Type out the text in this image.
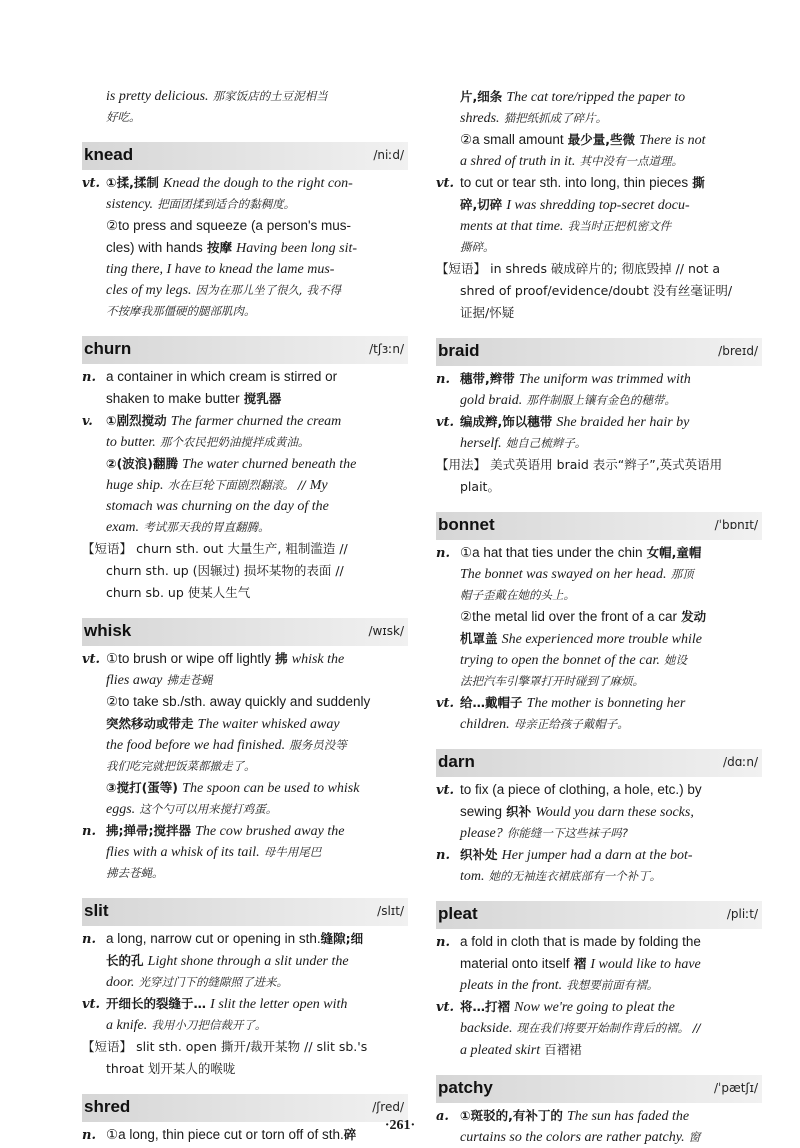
is pretty delicious. 那家饭店的土豆泥相当
好吃。
knead	/niːd/
vt. ①揉,揉制 Knead the dough to the right con-
sistency. 把面团揉到适合的黏稠度。
②to press and squeeze (a person's mus-
cles) with hands 按摩 Having been long sit-
ting there, I have to knead the lame mus-
cles of my legs. 因为在那儿坐了很久, 我不得
不按摩我那僵硬的腿部肌肉。
churn	/tʃɜːn/
n. a container in which cream is stirred or
shaken to make butter 搅乳器
v. ①剧烈搅动 The farmer churned the cream
to butter. 那个农民把奶油搅拌成黄油。
②(波浪)翻腾 The water churned beneath the
huge ship. 水在巨轮下面剧烈翻滚。 // My
stomach was churning on the day of the
exam. 考试那天我的胃直翻腾。
【短语】 churn sth. out 大量生产, 粗制滥造 //
churn sth. up (因辗过) 损坏某物的表面 //
churn sb. up 使某人生气
whisk	/wɪsk/
vt. ①to brush or wipe off lightly 拂 whisk the
flies away 拂走苍蝇
②to take sb./sth. away quickly and suddenly
突然移动或带走 The waiter whisked away
the food before we had finished. 服务员没等
我们吃完就把饭菜都撤走了。
③搅打(蛋等) The spoon can be used to whisk
eggs. 这个勺可以用来搅打鸡蛋。
n. 拂;掸帚;搅拌器 The cow brushed away the
flies with a whisk of its tail. 母牛用尾巴
拂去苍蝇。
slit	/slɪt/
n. a long, narrow cut or opening in sth.缝隙;细
长的孔 Light shone through a slit under the
door. 光穿过门下的缝隙照了进来。
vt. 开细长的裂缝于… I slit the letter open with
a knife. 我用小刀把信裁开了。
【短语】 slit sth. open 撕开/裁开某物 // slit sb.'s
throat 划开某人的喉咙
shred	/ʃred/
n. ①a long, thin piece cut or torn off of sth.碎
片,细条 The cat tore/ripped the paper to
shreds. 猫把纸抓成了碎片。
②a small amount 最少量,些微 There is not
a shred of truth in it. 其中没有一点道理。
vt. to cut or tear sth. into long, thin pieces 撕
碎,切碎 I was shredding top-secret docu-
ments at that time. 我当时正把机密文件
撕碎。
【短语】 in shreds 破成碎片的; 彻底毁掉 // not a
shred of proof/evidence/doubt 没有丝毫证明/
证据/怀疑
braid	/breɪd/
n. 穗带,辫带 The uniform was trimmed with
gold braid. 那件制服上镶有金色的穗带。
vt. 编成辫,饰以穗带 She braided her hair by
herself. 她自己梳辫子。
【用法】 美式英语用 braid 表示“辫子”,英式英语用
plait。
bonnet	/ˈbɒnɪt/
n. ①a hat that ties under the chin 女帽,童帽
The bonnet was swayed on her head. 那顶
帽子歪戴在她的头上。
②the metal lid over the front of a car 发动
机罩盖 She experienced more trouble while
trying to open the bonnet of the car. 她设
法把汽车引擎罩打开时碰到了麻烦。
vt. 给…戴帽子 The mother is bonneting her
children. 母亲正给孩子戴帽子。
darn	/dɑːn/
vt. to fix (a piece of clothing, a hole, etc.) by
sewing 织补 Would you darn these socks,
please? 你能缝一下这些袜子吗?
n. 织补处 Her jumper had a darn at the bot-
tom. 她的无袖连衣裙底部有一个补丁。
pleat	/pliːt/
n. a fold in cloth that is made by folding the
material onto itself 褶 I would like to have
pleats in the front. 我想要前面有褶。
vt. 将…打褶 Now we're going to pleat the
backside. 现在我们将要开始制作背后的褶。 //
a pleated skirt 百褶裙
patchy	/ˈpætʃɪ/
a. ①斑驳的,有补丁的 The sun has faded the
curtains so the colors are rather patchy. 窗
·261·
